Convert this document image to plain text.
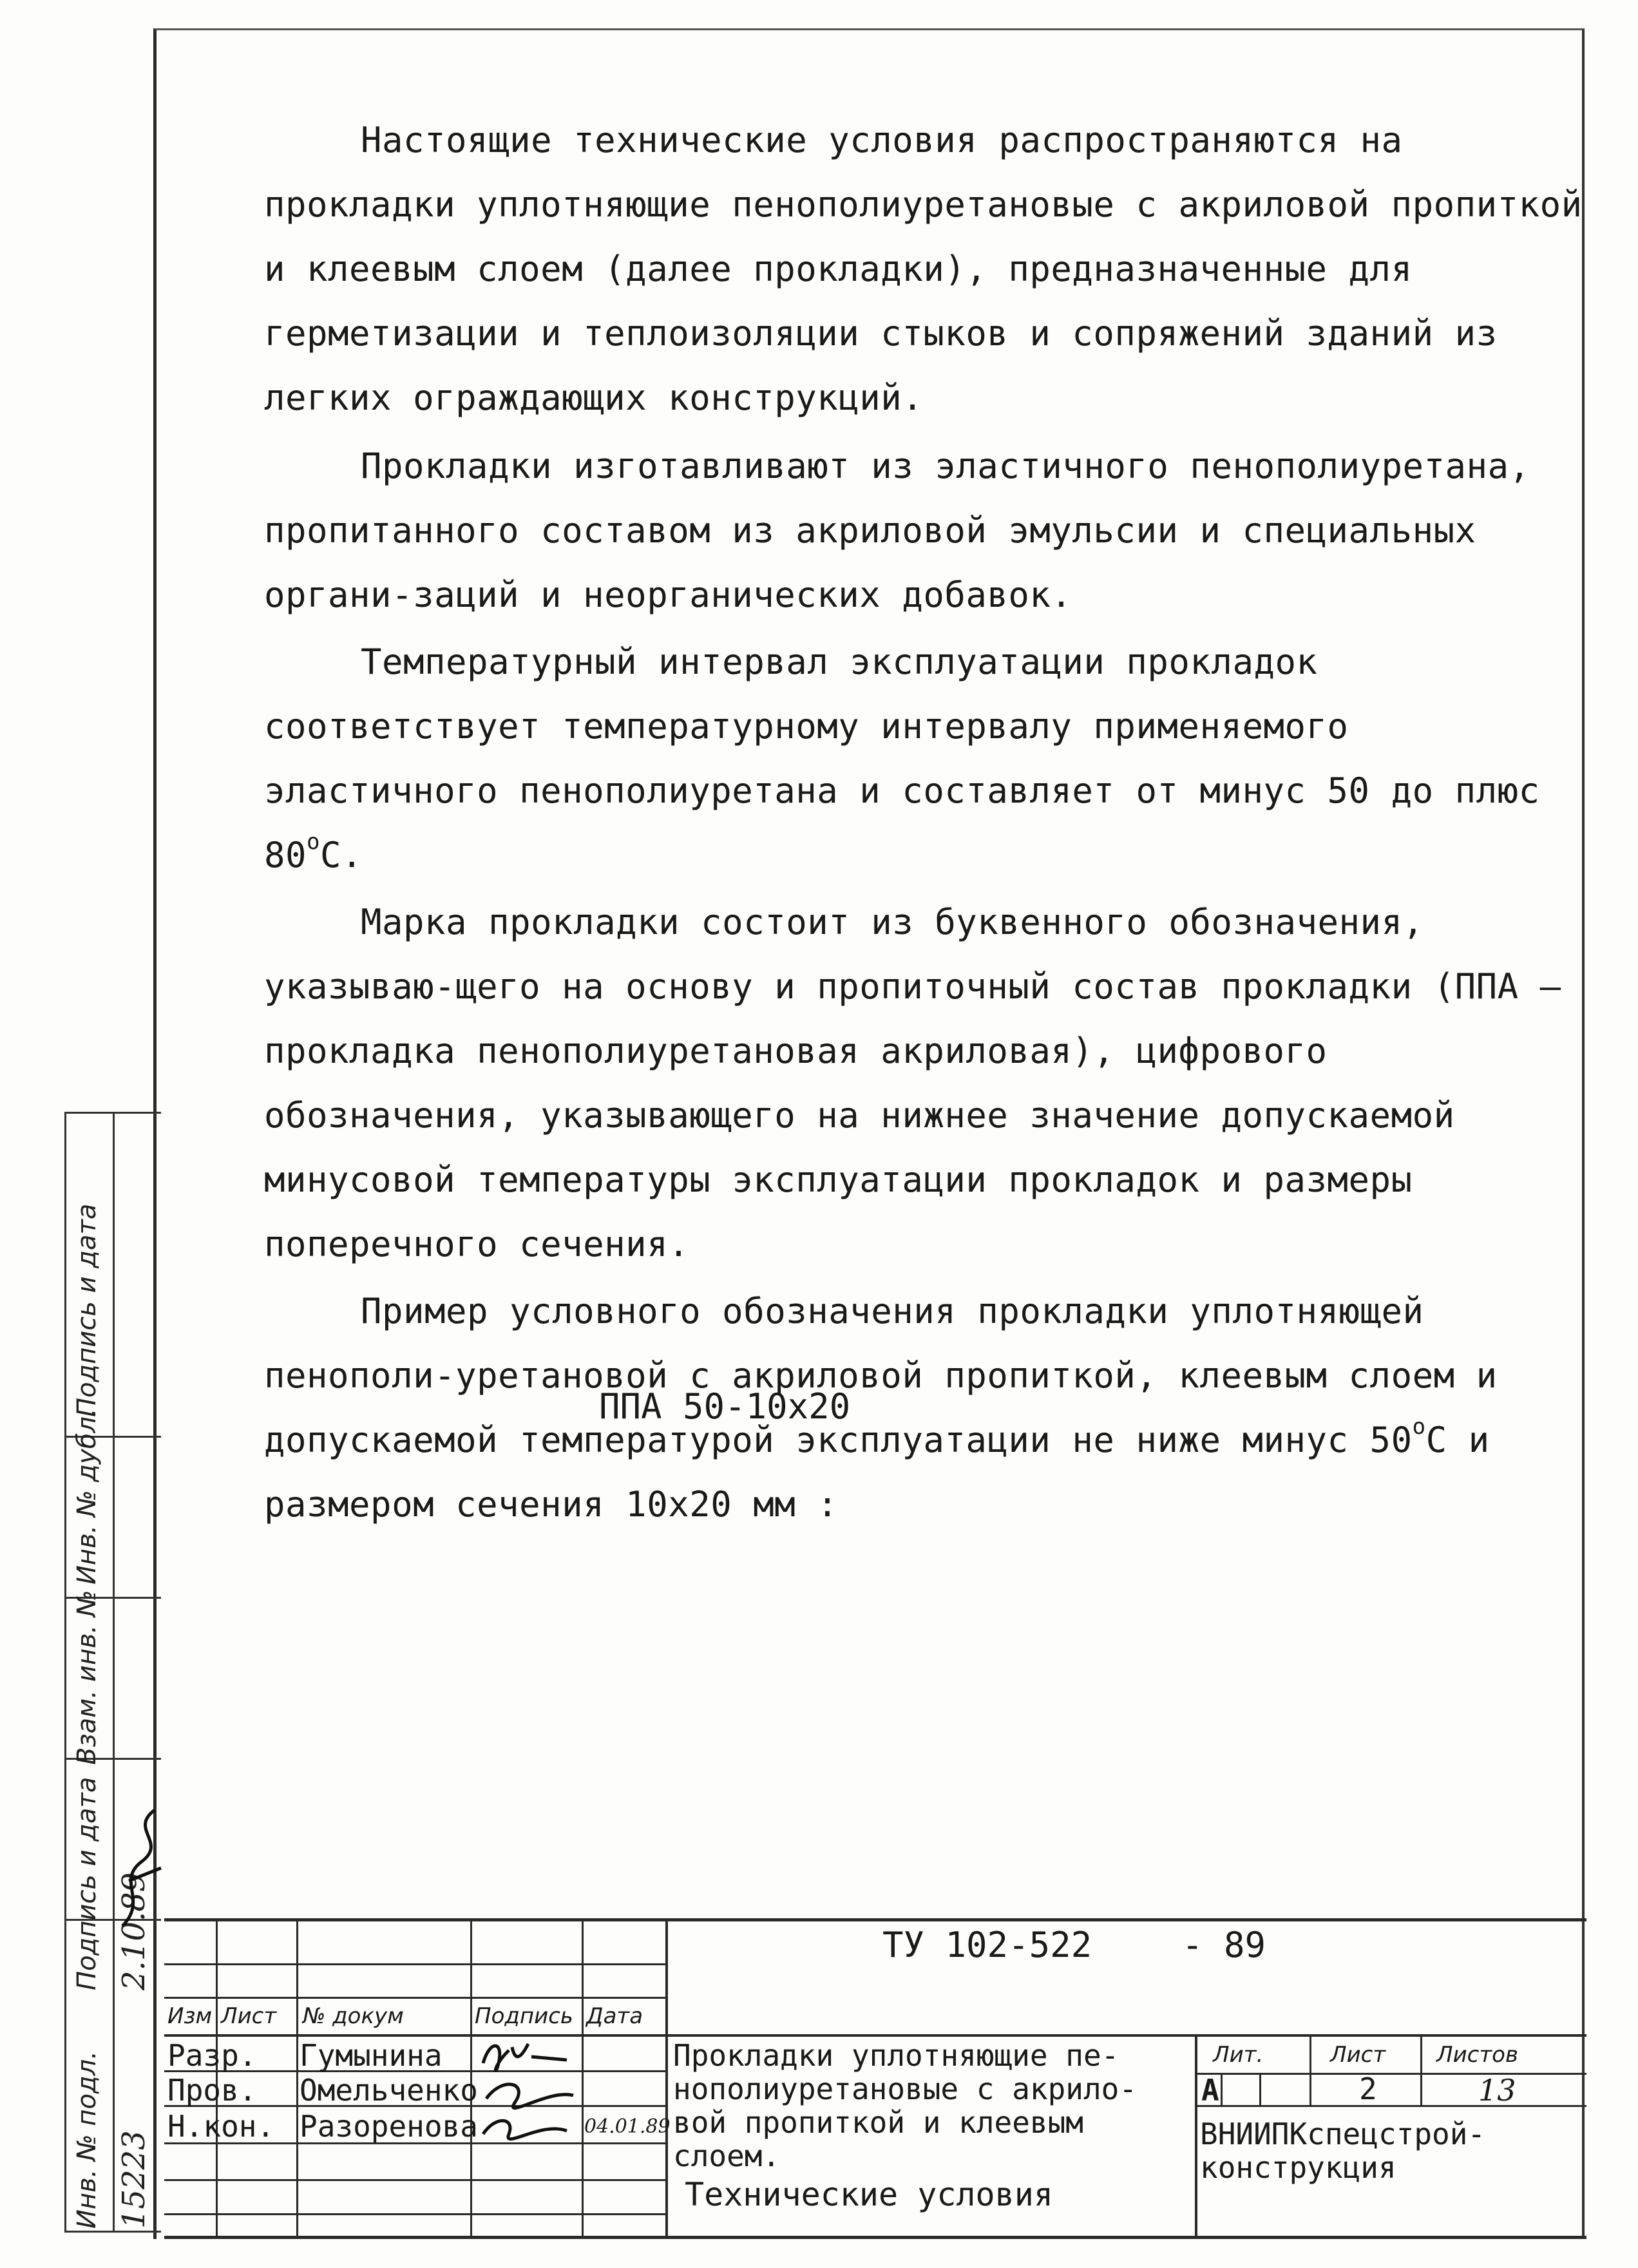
Настоящие технические условия распространяются на прокладки уплотняющие пенополиуретановые с акриловой пропиткой и клеевым слоем (далее прокладки), предназначенные для герметизации и теплоизоляции стыков и сопряжений зданий из легких ограждающих конструкций.

Прокладки изготавливают из эластичного пенополиуретана, пропитанного составом из акриловой эмульсии и специальных органи-заций и неорганических добавок.

Температурный интервал эксплуатации прокладок соответствует температурному интервалу применяемого эластичного пенополиуретана и составляет от минус 50 до плюс $80^оС$.

Марка прокладки состоит из буквенного обозначения, указываю-щего на основу и пропиточный состав прокладки (ППА – прокладка пенополиуретановая акриловая), цифрового обозначения, указывающего на нижнее значение допускаемой минусовой температуры эксплуатации прокладок и размеры поперечного сечения.

Пример условного обозначения прокладки уплотняющей пенополи-уретановой с акриловой пропиткой, клеевым слоем и допускаемой температурой эксплуатации не ниже минус $50^оС$ и размером сечения 10х20 мм :

ППА 50-10х20
Подпись и дата
Инв. № дубл.
Взам. инв. №
Подпись и дата 2.10.89
Инв. № подл. 15223
ТУ 102-522	- 89
Изм Лист № докум	Подпись Дата
Разр. Гумынина
Пров. Омельченко
Н.кон. Разоренова	04.01.89
Прокладки уплотняющие пе-
нополиуретановые с акрило-
вой пропиткой и клеевым
слоем.
Технические условия
Лит.	Лист Листов
А	2	13
ВНИИПКспецстрой-
конструкция
